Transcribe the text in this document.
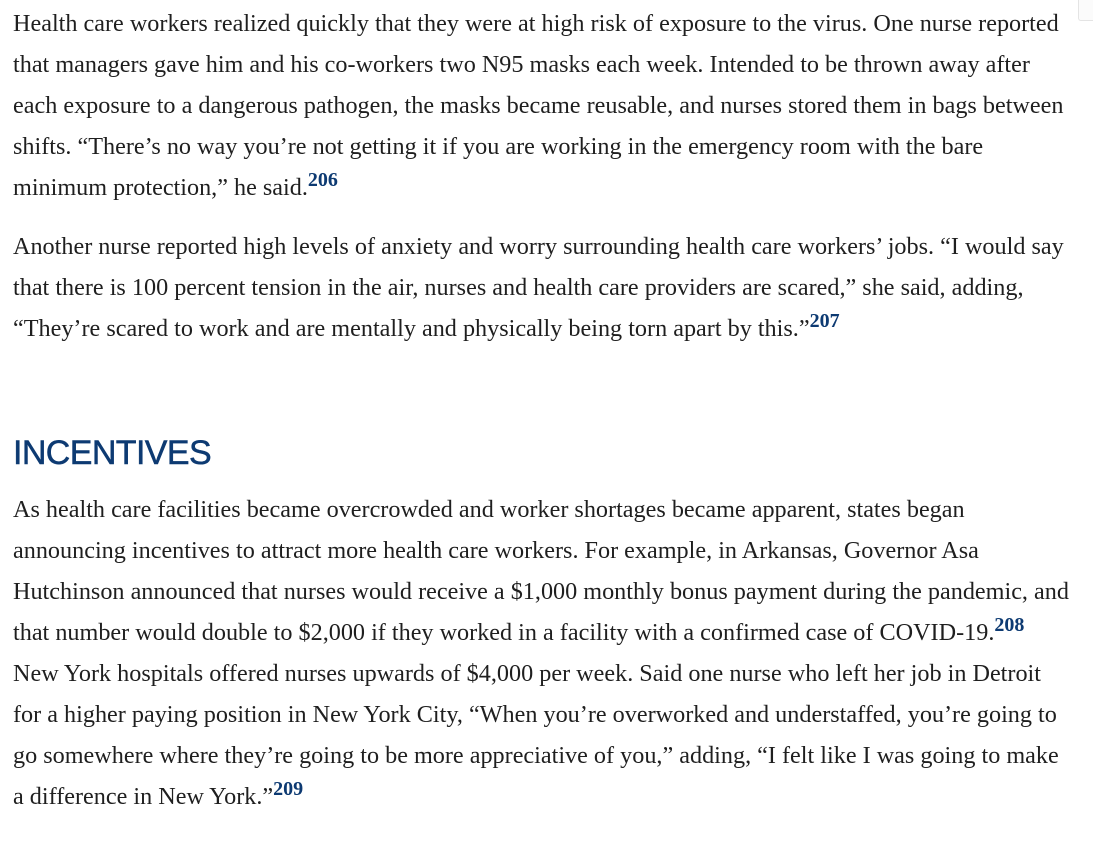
Health care workers realized quickly that they were at high risk of exposure to the virus. One nurse reported that managers gave him and his co-workers two N95 masks each week. Intended to be thrown away after each exposure to a dangerous pathogen, the masks became reusable, and nurses stored them in bags between shifts. “There’s no way you’re not getting it if you are working in the emergency room with the bare minimum protection,” he said.$^{206}$

Another nurse reported high levels of anxiety and worry surrounding health care workers’ jobs. “I would say that there is 100 percent tension in the air, nurses and health care providers are scared,” she said, adding, “They’re scared to work and are mentally and physically being torn apart by this.”$^{207}$

INCENTIVES

As health care facilities became overcrowded and worker shortages became apparent, states began announcing incentives to attract more health care workers. For example, in Arkansas, Governor Asa Hutchinson announced that nurses would receive a $1,000 monthly bonus payment during the pandemic, and that number would double to $2,000 if they worked in a facility with a confirmed case of COVID-19.$^{208}$ New York hospitals offered nurses upwards of $4,000 per week. Said one nurse who left her job in Detroit for a higher paying position in New York City, “When you’re overworked and understaffed, you’re going to go somewhere where they’re going to be more appreciative of you,” adding, “I felt like I was going to make a difference in New York.”$^{209}$
